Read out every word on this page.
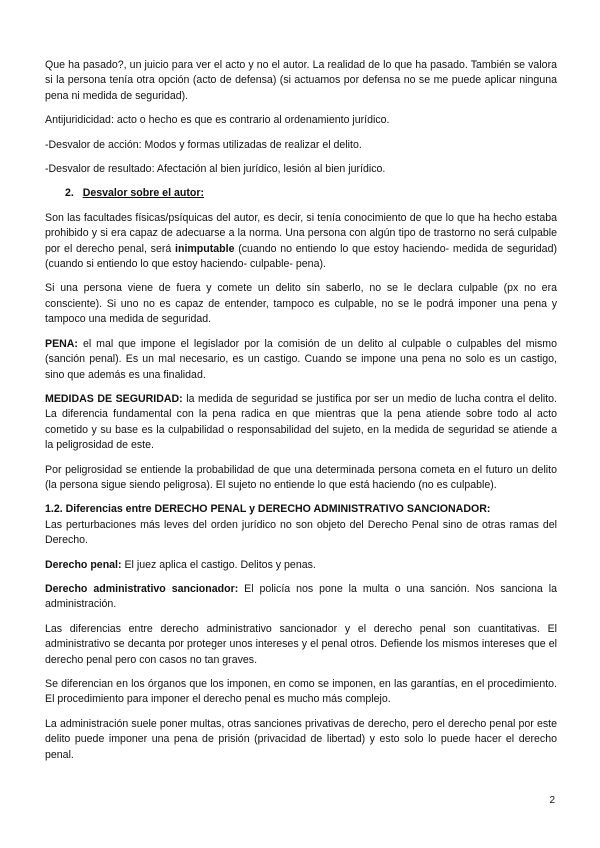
Que ha pasado?, un juicio para ver el acto y no el autor. La realidad de lo que ha pasado. También se valora si la persona tenía otra opción (acto de defensa) (si actuamos por defensa no se me puede aplicar ninguna pena ni medida de seguridad).

Antijuridicidad: acto o hecho es que es contrario al ordenamiento jurídico.

-Desvalor de acción: Modos y formas utilizadas de realizar el delito.

-Desvalor de resultado: Afectación al bien jurídico, lesión al bien jurídico.

2. Desvalor sobre el autor:

Son las facultades físicas/psíquicas del autor, es decir, si tenía conocimiento de que lo que ha hecho estaba prohibido y si era capaz de adecuarse a la norma. Una persona con algún tipo de trastorno no será culpable por el derecho penal, será inimputable (cuando no entiendo lo que estoy haciendo- medida de seguridad) (cuando si entiendo lo que estoy haciendo- culpable- pena).

Si una persona viene de fuera y comete un delito sin saberlo, no se le declara culpable (px no era consciente). Si uno no es capaz de entender, tampoco es culpable, no se le podrá imponer una pena y tampoco una medida de seguridad.

PENA: el mal que impone el legislador por la comisión de un delito al culpable o culpables del mismo (sanción penal). Es un mal necesario, es un castigo. Cuando se impone una pena no solo es un castigo, sino que además es una finalidad.

MEDIDAS DE SEGURIDAD: la medida de seguridad se justifica por ser un medio de lucha contra el delito. La diferencia fundamental con la pena radica en que mientras que la pena atiende sobre todo al acto cometido y su base es la culpabilidad o responsabilidad del sujeto, en la medida de seguridad se atiende a la peligrosidad de este.

Por peligrosidad se entiende la probabilidad de que una determinada persona cometa en el futuro un delito (la persona sigue siendo peligrosa). El sujeto no entiende lo que está haciendo (no es culpable).

1.2. Diferencias entre DERECHO PENAL y DERECHO ADMINISTRATIVO SANCIONADOR:

Las perturbaciones más leves del orden jurídico no son objeto del Derecho Penal sino de otras ramas del Derecho.

Derecho penal: El juez aplica el castigo. Delitos y penas.

Derecho administrativo sancionador: El policía nos pone la multa o una sanción. Nos sanciona la administración.

Las diferencias entre derecho administrativo sancionador y el derecho penal son cuantitativas. El administrativo se decanta por proteger unos intereses y el penal otros. Defiende los mismos intereses que el derecho penal pero con casos no tan graves.

Se diferencian en los órganos que los imponen, en como se imponen, en las garantías, en el procedimiento. El procedimiento para imponer el derecho penal es mucho más complejo.

La administración suele poner multas, otras sanciones privativas de derecho, pero el derecho penal por este delito puede imponer una pena de prisión (privacidad de libertad) y esto solo lo puede hacer el derecho penal.

2
